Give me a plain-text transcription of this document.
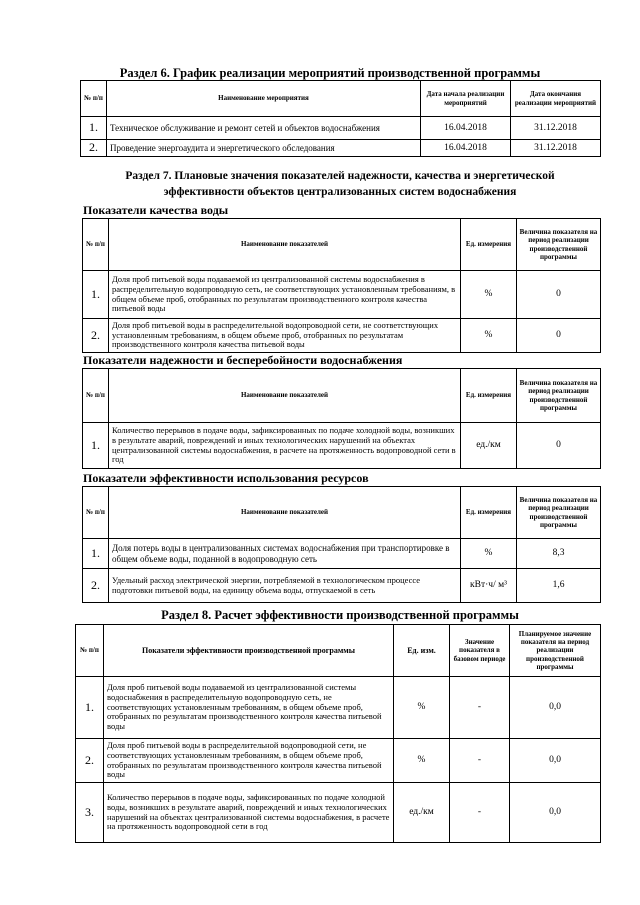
Раздел 6. График реализации мероприятий производственной программы
№ п/п	Наименование мероприятия	Дата начала реализации мероприятий	Дата окончания реализации мероприятий
1.	Техническое обслуживание и ремонт сетей и объектов водоснабжения	16.04.2018	31.12.2018
2.	Проведение энергоаудита и энергетического обследования	16.04.2018	31.12.2018
Раздел 7. Плановые значения показателей надежности, качества и энергетической
эффективности объектов централизованных систем водоснабжения
Показатели качества воды
№ п/п	Наименование показателей	Ед. измерения	Величина показателя на период реализации производственной программы
1.	Доля проб питьевой воды подаваемой из централизованной системы водоснабжения в распределительную водопроводную сеть, не соответствующих установленным требованиям, в общем объеме проб, отобранных по результатам производственного контроля качества питьевой воды	%	0
2.	Доля проб питьевой воды в распределительной водопроводной сети, не соответствующих установленным требованиям, в общем объеме проб, отобранных по результатам производственного контроля качества питьевой воды	%	0
Показатели надежности и бесперебойности водоснабжения
№ п/п	Наименование показателей	Ед. измерения	Величина показателя на период реализации производственной программы
1.	Количество перерывов в подаче воды, зафиксированных по подаче холодной воды, возникших в результате аварий, повреждений и иных технологических нарушений на объектах централизованной системы водоснабжения, в расчете на протяженность водопроводной сети в год	ед./км	0
Показатели эффективности использования ресурсов
№ п/п	Наименование показателей	Ед. измерения	Величина показателя на период реализации производственной программы
1.	Доля потерь воды в централизованных системах водоснабжения при транспортировке в общем объеме воды, поданной в водопроводную сеть	%	8,3
2.	Удельный расход электрической энергии, потребляемой в технологическом процессе подготовки питьевой воды, на единицу объема воды, отпускаемой в сеть	кВт·ч/ м³	1,6
Раздел 8. Расчет эффективности производственной программы
№ п/п	Показатели эффективности производственной программы	Ед. изм.	Значение показателя в базовом периоде	Планируемое значение показателя на период реализации производственной программы
1.	Доля проб питьевой воды подаваемой из централизованной системы водоснабжения в распределительную водопроводную сеть, не соответствующих установленным требованиям, в общем объеме проб, отобранных по результатам производственного контроля качества питьевой воды	%	-	0,0
2.	Доля проб питьевой воды в распределительной водопроводной сети, не соответствующих установленным требованиям, в общем объеме проб, отобранных по результатам производственного контроля качества питьевой воды	%	-	0,0
3.	Количество перерывов в подаче воды, зафиксированных по подаче холодной воды, возникших в результате аварий, повреждений и иных технологических нарушений на объектах централизованной системы водоснабжения, в расчете на протяженность водопроводной сети в год	ед./км	-	0,0
